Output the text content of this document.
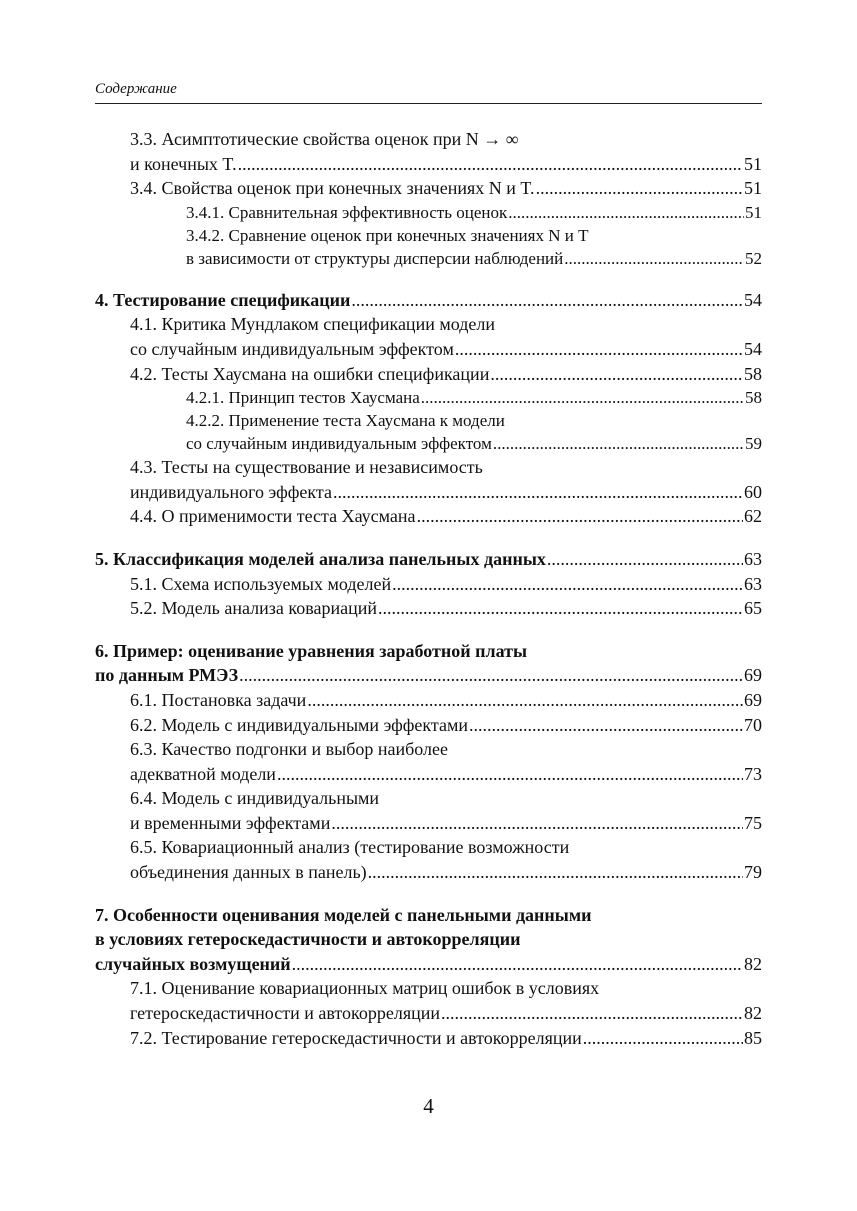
Содержание
3.3. Асимптотические свойства оценок при N → ∞
и конечных T. .....	51
3.4. Свойства оценок при конечных значениях N и T. .....	51
3.4.1. Сравнительная эффективность оценок .....	51
3.4.2. Сравнение оценок при конечных значениях N и T
в зависимости от структуры дисперсии наблюдений .....	52
4. Тестирование спецификации .....	54
4.1. Критика Мундлаком спецификации модели
со случайным индивидуальным эффектом .....	54
4.2. Тесты Хаусмана на ошибки спецификации .....	58
4.2.1. Принцип тестов Хаусмана .....	58
4.2.2. Применение теста Хаусмана к модели
со случайным индивидуальным эффектом .....	59
4.3. Тесты на существование и независимость
индивидуального эффекта .....	60
4.4. О применимости теста Хаусмана .....	62
5. Классификация моделей анализа панельных данных .....	63
5.1. Схема используемых моделей .....	63
5.2. Модель анализа ковариаций .....	65
6. Пример: оценивание уравнения заработной платы
по данным РМЭЗ .....	69
6.1. Постановка задачи .....	69
6.2. Модель с индивидуальными эффектами .....	70
6.3. Качество подгонки и выбор наиболее
адекватной модели .....	73
6.4. Модель с индивидуальными
и временными эффектами .....	75
6.5. Ковариационный анализ (тестирование возможности
объединения данных в панель) .....	79
7. Особенности оценивания моделей с панельными данными
в условиях гетероскедастичности и автокорреляции
случайных возмущений .....	82
7.1. Оценивание ковариационных матриц ошибок в условиях
гетероскедастичности и автокорреляции .....	82
7.2. Тестирование гетероскедастичности и автокорреляции .....	85
4
